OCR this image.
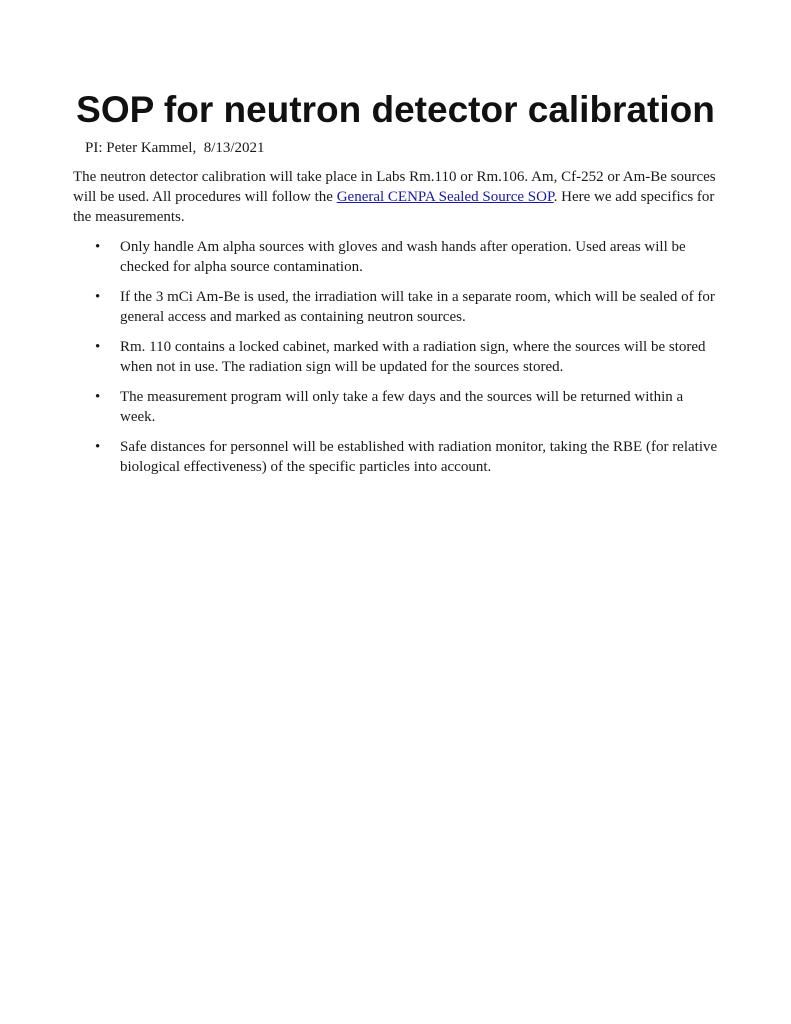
SOP for neutron detector calibration

PI: Peter Kammel,  8/13/2021

The neutron detector calibration will take place in Labs Rm.110 or Rm.106. Am, Cf-252 or Am-Be sources will be used. All procedures will follow the General CENPA Sealed Source SOP. Here we add specifics for the measurements.

• Only handle Am alpha sources with gloves and wash hands after operation. Used areas will be checked for alpha source contamination.
• If the 3 mCi Am-Be is used, the irradiation will take in a separate room, which will be sealed of for general access and marked as containing neutron sources.
• Rm. 110 contains a locked cabinet, marked with a radiation sign, where the sources will be stored when not in use. The radiation sign will be updated for the sources stored.
• The measurement program will only take a few days and the sources will be returned within a week.
• Safe distances for personnel will be established with radiation monitor, taking the RBE (for relative biological effectiveness) of the specific particles into account.
